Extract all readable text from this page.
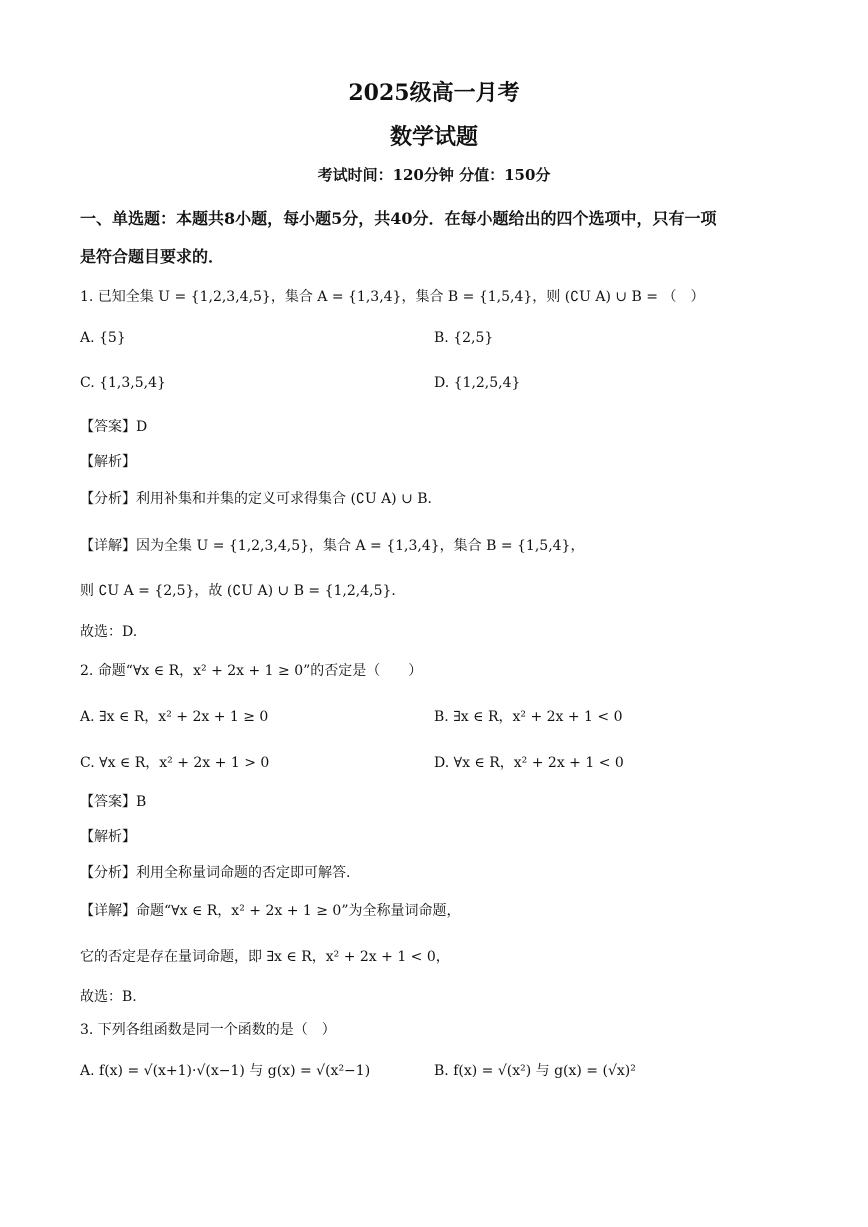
2025级高一月考
数学试题
考试时间：120分钟 分值：150分
一、单选题：本题共8小题，每小题5分，共40分．在每小题给出的四个选项中，只有一项
是符合题目要求的．
1. 已知全集 U = {1,2,3,4,5}，集合 A = {1,3,4}，集合 B = {1,5,4}，则 (∁U A) ∪ B = （　）
A. {5}	B. {2,5}
C. {1,3,5,4}	D. {1,2,5,4}
【答案】D
【解析】
【分析】利用补集和并集的定义可求得集合 (∁U A) ∪ B．
【详解】因为全集 U = {1,2,3,4,5}，集合 A = {1,3,4}，集合 B = {1,5,4}，
则 ∁U A = {2,5}，故 (∁U A) ∪ B = {1,2,4,5}．
故选：D.
2. 命题“∀x ∈ R，x² + 2x + 1 ≥ 0”的否定是（　　）
A. ∃x ∈ R，x² + 2x + 1 ≥ 0	B. ∃x ∈ R，x² + 2x + 1 < 0
C. ∀x ∈ R，x² + 2x + 1 > 0	D. ∀x ∈ R，x² + 2x + 1 < 0
【答案】B
【解析】
【分析】利用全称量词命题的否定即可解答.
【详解】命题“∀x ∈ R，x² + 2x + 1 ≥ 0”为全称量词命题，
它的否定是存在量词命题，即 ∃x ∈ R，x² + 2x + 1 < 0，
故选：B.
3. 下列各组函数是同一个函数的是（　）
A. f(x) = √(x+1)·√(x−1) 与 g(x) = √(x²−1)	B. f(x) = √(x²) 与 g(x) = (√x)²
